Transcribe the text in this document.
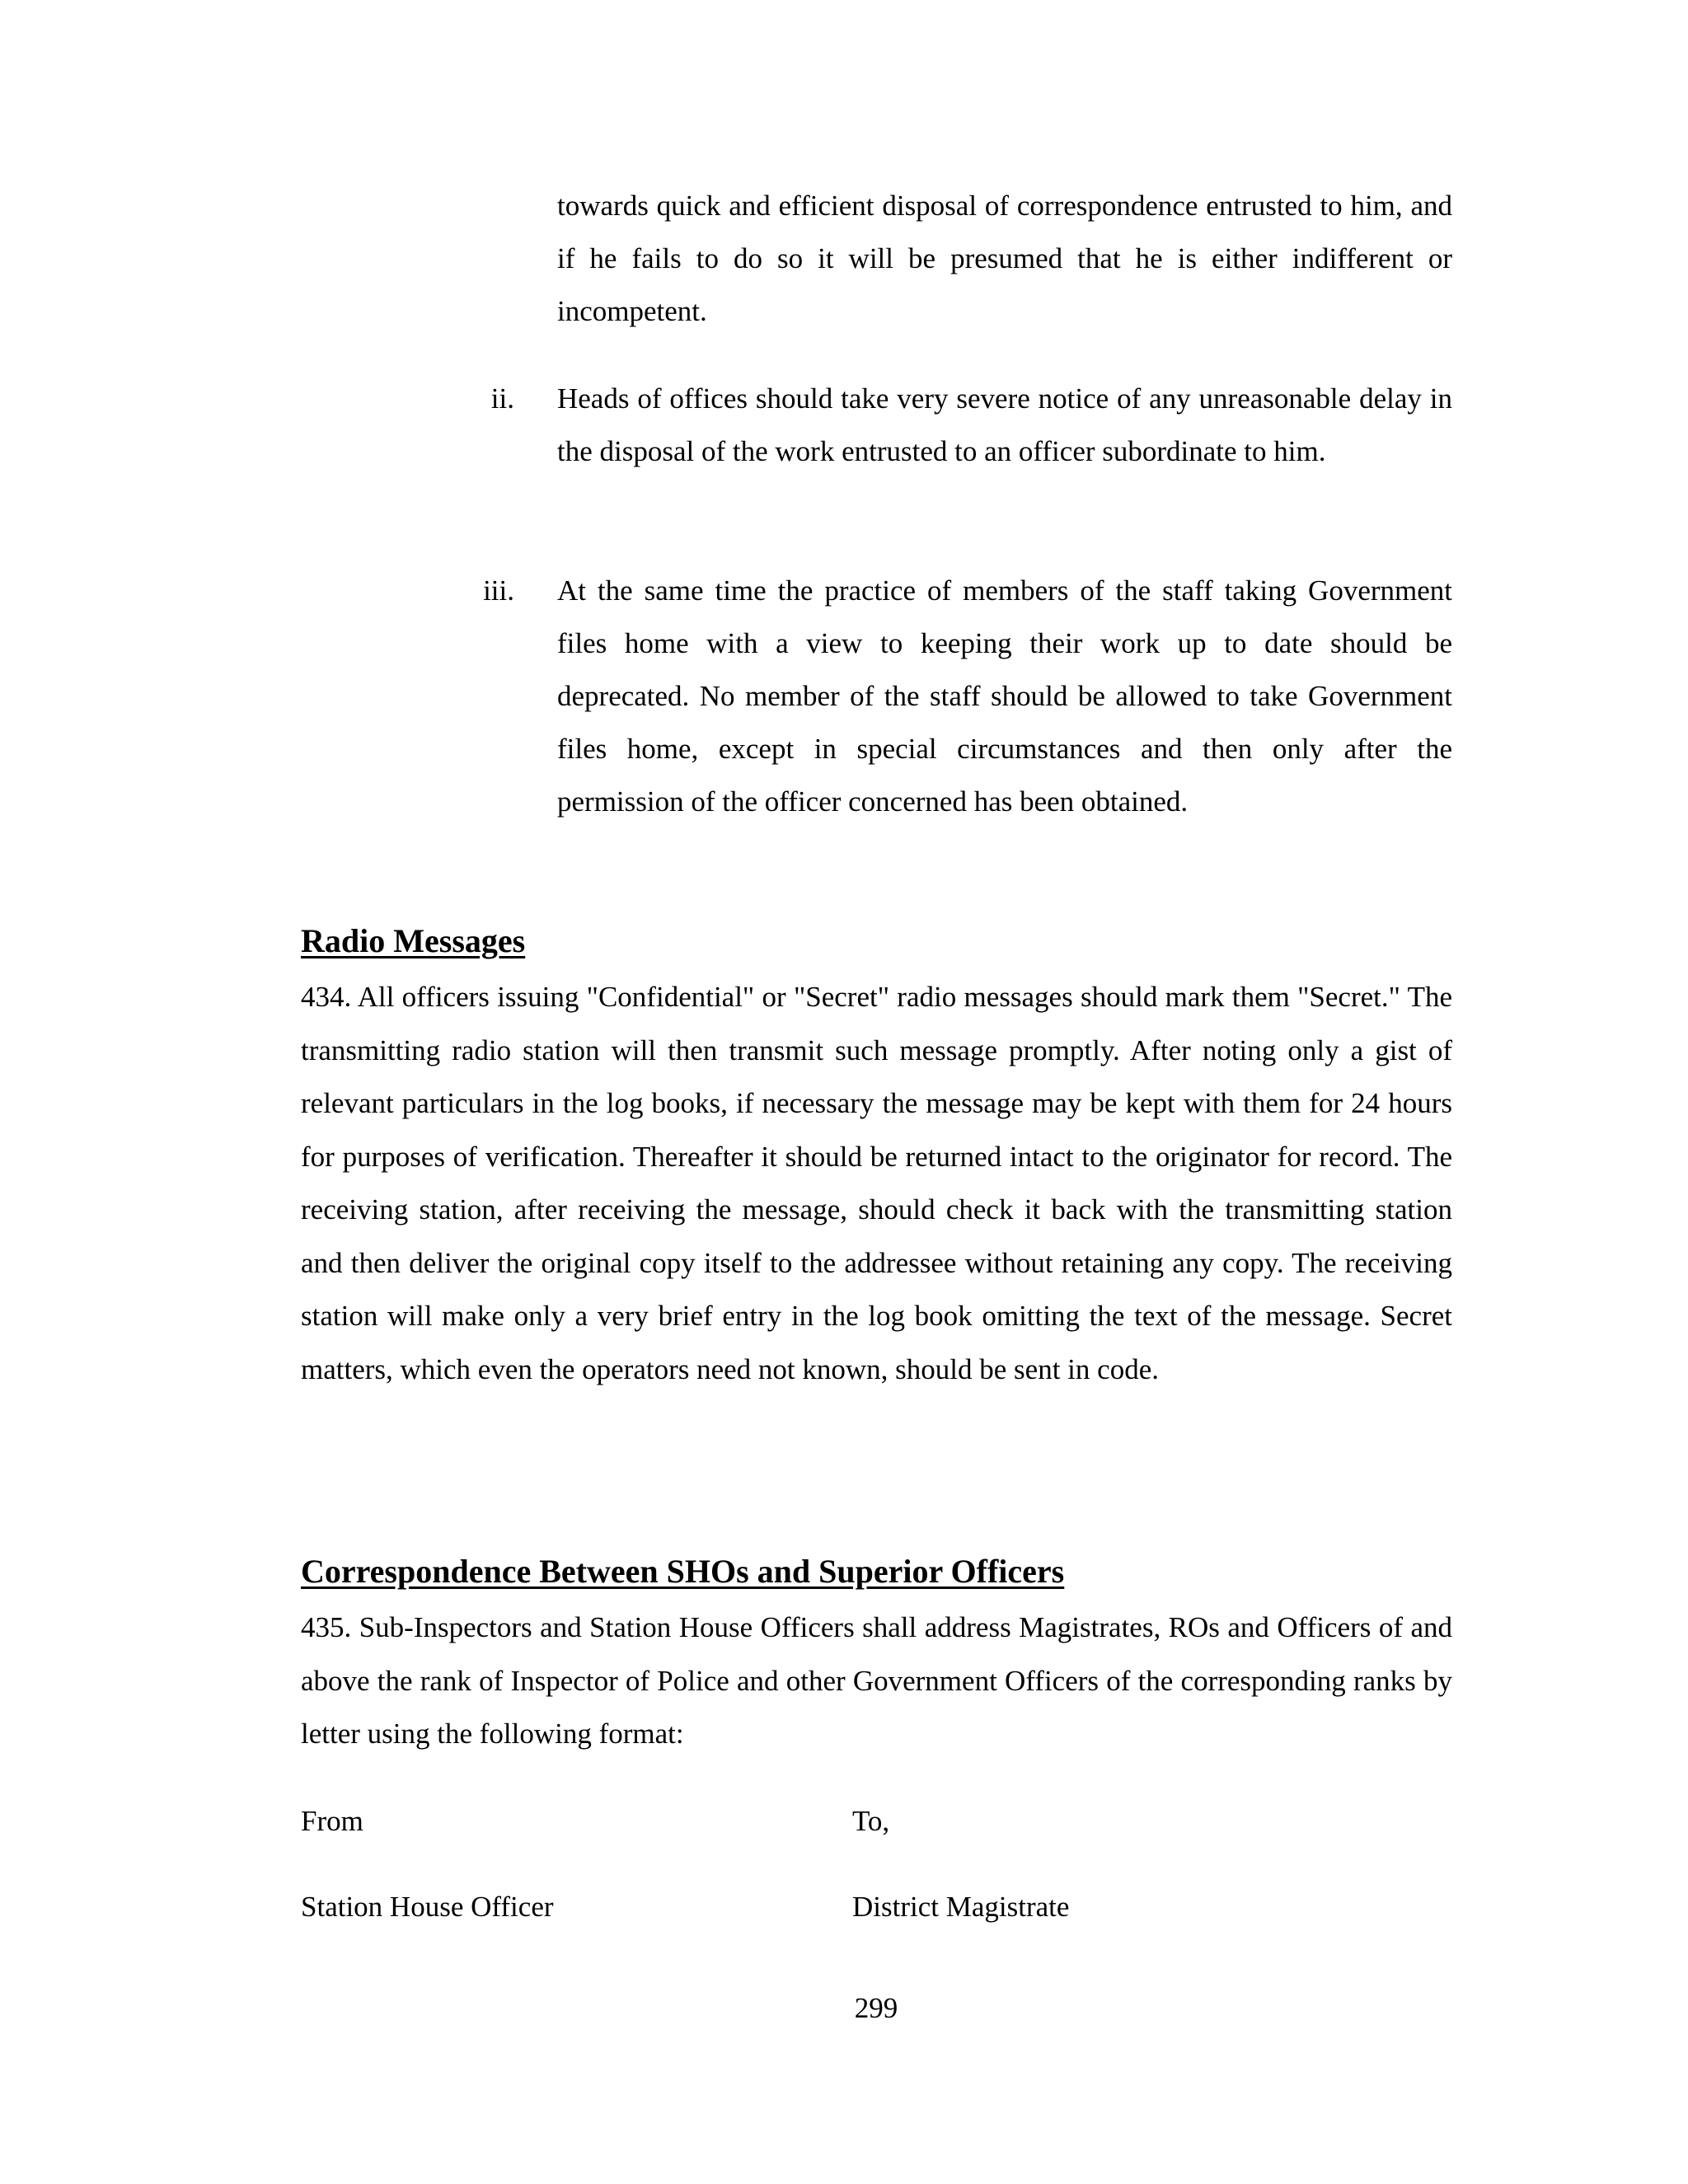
towards quick and efficient disposal of correspondence entrusted to him, and if he fails to do so it will be presumed that he is either indifferent or incompetent.
ii. Heads of offices should take very severe notice of any unreasonable delay in the disposal of the work entrusted to an officer subordinate to him.
iii. At the same time the practice of members of the staff taking Government files home with a view to keeping their work up to date should be deprecated. No member of the staff should be allowed to take Government files home, except in special circumstances and then only after the permission of the officer concerned has been obtained.
Radio Messages
434. All officers issuing "Confidential" or "Secret" radio messages should mark them "Secret." The transmitting radio station will then transmit such message promptly. After noting only a gist of relevant particulars in the log books, if necessary the message may be kept with them for 24 hours for purposes of verification. Thereafter it should be returned intact to the originator for record. The receiving station, after receiving the message, should check it back with the transmitting station and then deliver the original copy itself to the addressee without retaining any copy. The receiving station will make only a very brief entry in the log book omitting the text of the message. Secret matters, which even the operators need not known, should be sent in code.
Correspondence Between SHOs and Superior Officers
435. Sub-Inspectors and Station House Officers shall address Magistrates, ROs and Officers of and above the rank of Inspector of Police and other Government Officers of the corresponding ranks by letter using the following format:
From	To,
Station House Officer	District Magistrate
299
